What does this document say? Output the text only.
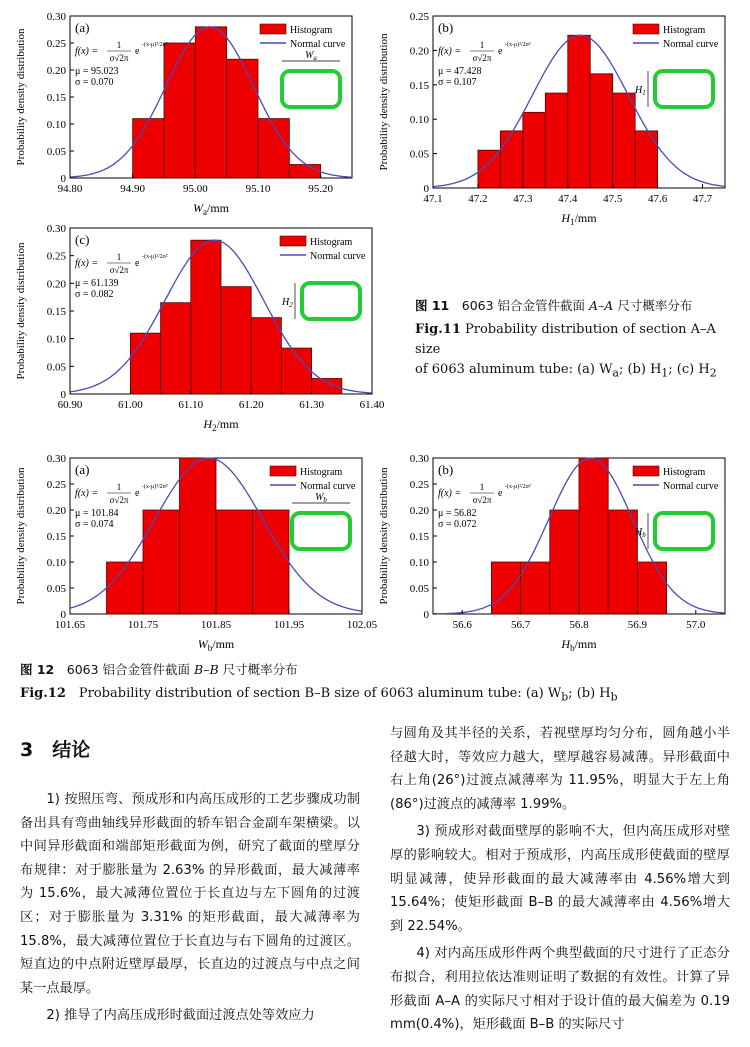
94.80	94.90	95.00	95.10	95.20
0
0.05
0.10
0.15
0.20
0.25
0.30
$W_a/mm$
Probability density distribution
(a)
f(x) =
1
σ√2π
e
-(x-μ)²/2σ²
μ = 95.023
σ = 0.070
Histogram
Normal curve
$W_a$
47.1 47.2 47.3 47.4 47.5 47.6 47.7
0
0.05
0.10
0.15
0.20
0.25
$H_1/mm$
Probability density distribution
(b)
f(x) =
1
σ√2π
e
-(x-μ)²/2σ²
μ = 47.428
σ = 0.107
Histogram
Normal curve
$H_1$
60.90	61.00	61.10	61.20	61.30	61.40
0
0.05
0.10
0.15
0.20
0.25
0.30
$H_2/mm$
Probability density distribution
(c)
f(x) =
1
σ√2π
e
-(x-μ)²/2σ²
μ = 61.139
σ = 0.082
Histogram
Normal curve
$H_2$
101.65	101.75	101.85	101.95	102.05
0
0.05
0.10
0.15
0.20
0.25
0.30
$W_b/mm$
Probability density distribution	(a)
f(x) =
1
σ√2π
e
-(x-μ)²/2σ²
μ = 101.84
σ = 0.074
Histogram
Normal curve
$W_b$
56.6	56.7	56.8	56.9	57.0
0
0.05
0.10
0.15
0.20
0.25
0.30
$H_b/mm$
Probability density distribution	(b)
f(x) =
1
σ√2π
e
-(x-μ)²/2σ²
μ = 56.82
σ = 0.072
Histogram
Normal curve
$H_b$
图 11　 6063 铝合金管件截面 A–A 尺寸概率分布
Fig.11 Probability distribution of section A–A size
of 6063 aluminum tube: (a) $W_a$; (b) $H_1$; (c) $H_2$
图 12　 6063 铝合金管件截面 B–B 尺寸概率分布
Fig.12　 Probability distribution of section B–B size of 6063 aluminum tube: (a) $W_b$; (b) $H_b$
3　结论

1) 按照压弯、预成形和内高压成形的工艺步骤成功制备出具有弯曲轴线异形截面的轿车铝合金副车架横梁。以中间异形截面和端部矩形截面为例，研究了截面的壁厚分布规律：对于膨胀量为 2.63% 的异形截面，最大减薄率为 15.6%，最大减薄位置位于长直边与左下圆角的过渡区；对于膨胀量为 3.31% 的矩形截面，最大减薄率为 15.8%，最大减薄位置位于长直边与右下圆角的过渡区。短直边的中点附近壁厚最厚，长直边的过渡点与中点之间某一点最厚。

2) 推导了内高压成形时截面过渡点处等效应力

与圆角及其半径的关系，若视壁厚均匀分布，圆角越小半径越大时，等效应力越大，壁厚越容易减薄。异形截面中右上角(26°)过渡点减薄率为 11.95%，明显大于左上角(86°)过渡点的减薄率 1.99%。

3) 预成形对截面壁厚的影响不大，但内高压成形对壁厚的影响较大。相对于预成形，内高压成形使截面的壁厚明显减薄，使异形截面的最大减薄率由 4.56%增大到 15.64%；使矩形截面 B–B 的最大减薄率由 4.56%增大到 22.54%。

4) 对内高压成形件两个典型截面的尺寸进行了正态分布拟合，利用拉依达准则证明了数据的有效性。计算了异形截面 A–A 的实际尺寸相对于设计值的最大偏差为 0.19 mm(0.4%)，矩形截面 B–B 的实际尺寸
